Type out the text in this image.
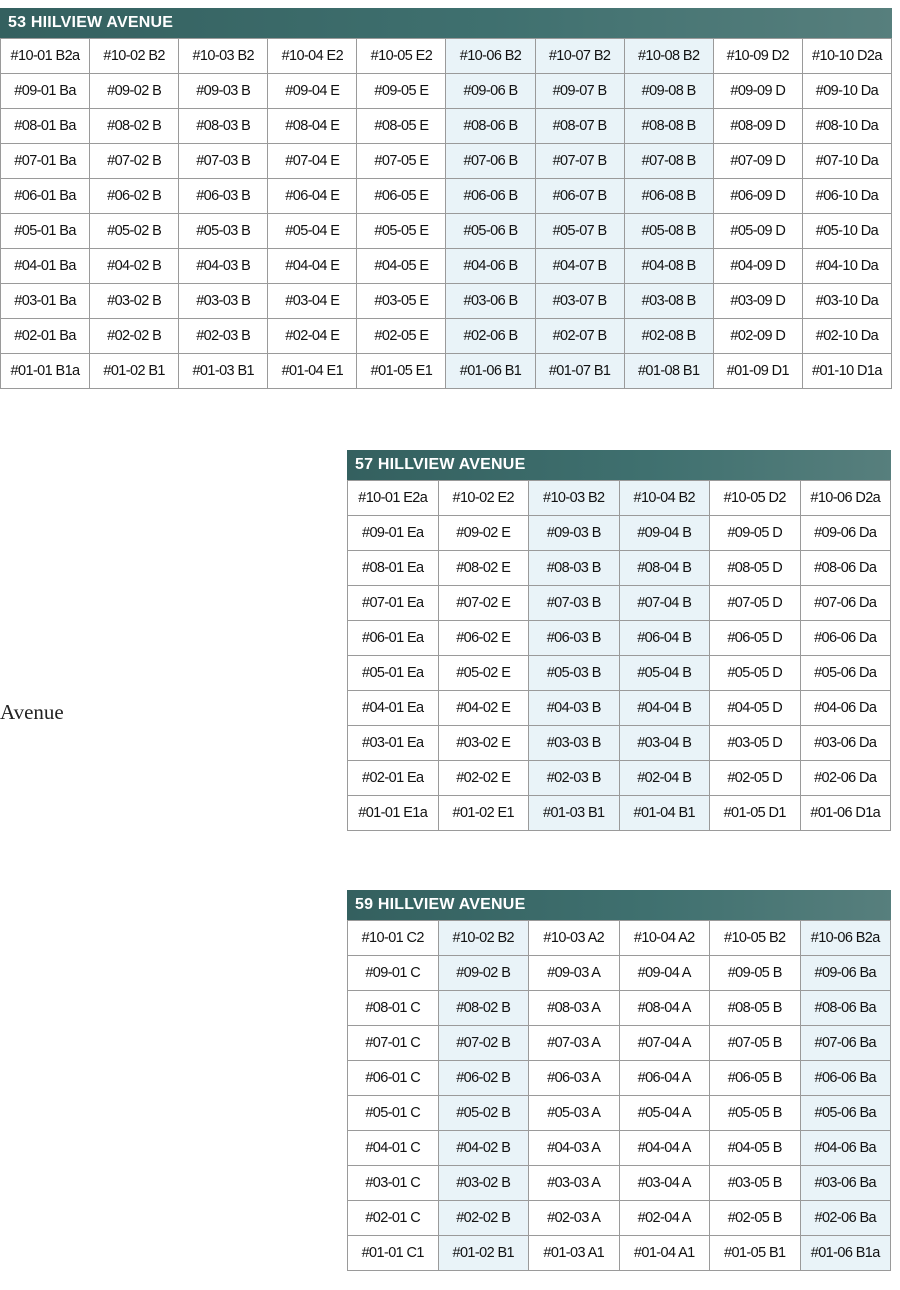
53 HIILVIEW AVENUE
#10-01 B2a	#10-02 B2	#10-03 B2	#10-04 E2	#10-05 E2	#10-06 B2	#10-07 B2	#10-08 B2	#10-09 D2	#10-10 D2a
#09-01 Ba	#09-02 B	#09-03 B	#09-04 E	#09-05 E	#09-06 B	#09-07 B	#09-08 B	#09-09 D	#09-10 Da
#08-01 Ba	#08-02 B	#08-03 B	#08-04 E	#08-05 E	#08-06 B	#08-07 B	#08-08 B	#08-09 D	#08-10 Da
#07-01 Ba	#07-02 B	#07-03 B	#07-04 E	#07-05 E	#07-06 B	#07-07 B	#07-08 B	#07-09 D	#07-10 Da
#06-01 Ba	#06-02 B	#06-03 B	#06-04 E	#06-05 E	#06-06 B	#06-07 B	#06-08 B	#06-09 D	#06-10 Da
#05-01 Ba	#05-02 B	#05-03 B	#05-04 E	#05-05 E	#05-06 B	#05-07 B	#05-08 B	#05-09 D	#05-10 Da
#04-01 Ba	#04-02 B	#04-03 B	#04-04 E	#04-05 E	#04-06 B	#04-07 B	#04-08 B	#04-09 D	#04-10 Da
#03-01 Ba	#03-02 B	#03-03 B	#03-04 E	#03-05 E	#03-06 B	#03-07 B	#03-08 B	#03-09 D	#03-10 Da
#02-01 Ba	#02-02 B	#02-03 B	#02-04 E	#02-05 E	#02-06 B	#02-07 B	#02-08 B	#02-09 D	#02-10 Da
#01-01 B1a	#01-02 B1	#01-03 B1	#01-04 E1	#01-05 E1	#01-06 B1	#01-07 B1	#01-08 B1	#01-09 D1	#01-10 D1a
57 HILLVIEW AVENUE
#10-01 E2a	#10-02 E2	#10-03 B2	#10-04 B2	#10-05 D2	#10-06 D2a
#09-01 Ea	#09-02 E	#09-03 B	#09-04 B	#09-05 D	#09-06 Da
#08-01 Ea	#08-02 E	#08-03 B	#08-04 B	#08-05 D	#08-06 Da
#07-01 Ea	#07-02 E	#07-03 B	#07-04 B	#07-05 D	#07-06 Da
#06-01 Ea	#06-02 E	#06-03 B	#06-04 B	#06-05 D	#06-06 Da
#05-01 Ea	#05-02 E	#05-03 B	#05-04 B	#05-05 D	#05-06 Da
#04-01 Ea	#04-02 E	#04-03 B	#04-04 B	#04-05 D	#04-06 Da
#03-01 Ea	#03-02 E	#03-03 B	#03-04 B	#03-05 D	#03-06 Da
#02-01 Ea	#02-02 E	#02-03 B	#02-04 B	#02-05 D	#02-06 Da
#01-01 E1a	#01-02 E1	#01-03 B1	#01-04 B1	#01-05 D1	#01-06 D1a
59 HILLVIEW AVENUE
#10-01 C2	#10-02 B2	#10-03 A2	#10-04 A2	#10-05 B2	#10-06 B2a
#09-01 C	#09-02 B	#09-03 A	#09-04 A	#09-05 B	#09-06 Ba
#08-01 C	#08-02 B	#08-03 A	#08-04 A	#08-05 B	#08-06 Ba
#07-01 C	#07-02 B	#07-03 A	#07-04 A	#07-05 B	#07-06 Ba
#06-01 C	#06-02 B	#06-03 A	#06-04 A	#06-05 B	#06-06 Ba
#05-01 C	#05-02 B	#05-03 A	#05-04 A	#05-05 B	#05-06 Ba
#04-01 C	#04-02 B	#04-03 A	#04-04 A	#04-05 B	#04-06 Ba
#03-01 C	#03-02 B	#03-03 A	#03-04 A	#03-05 B	#03-06 Ba
#02-01 C	#02-02 B	#02-03 A	#02-04 A	#02-05 B	#02-06 Ba
#01-01 C1	#01-02 B1	#01-03 A1	#01-04 A1	#01-05 B1	#01-06 B1a
Avenue
